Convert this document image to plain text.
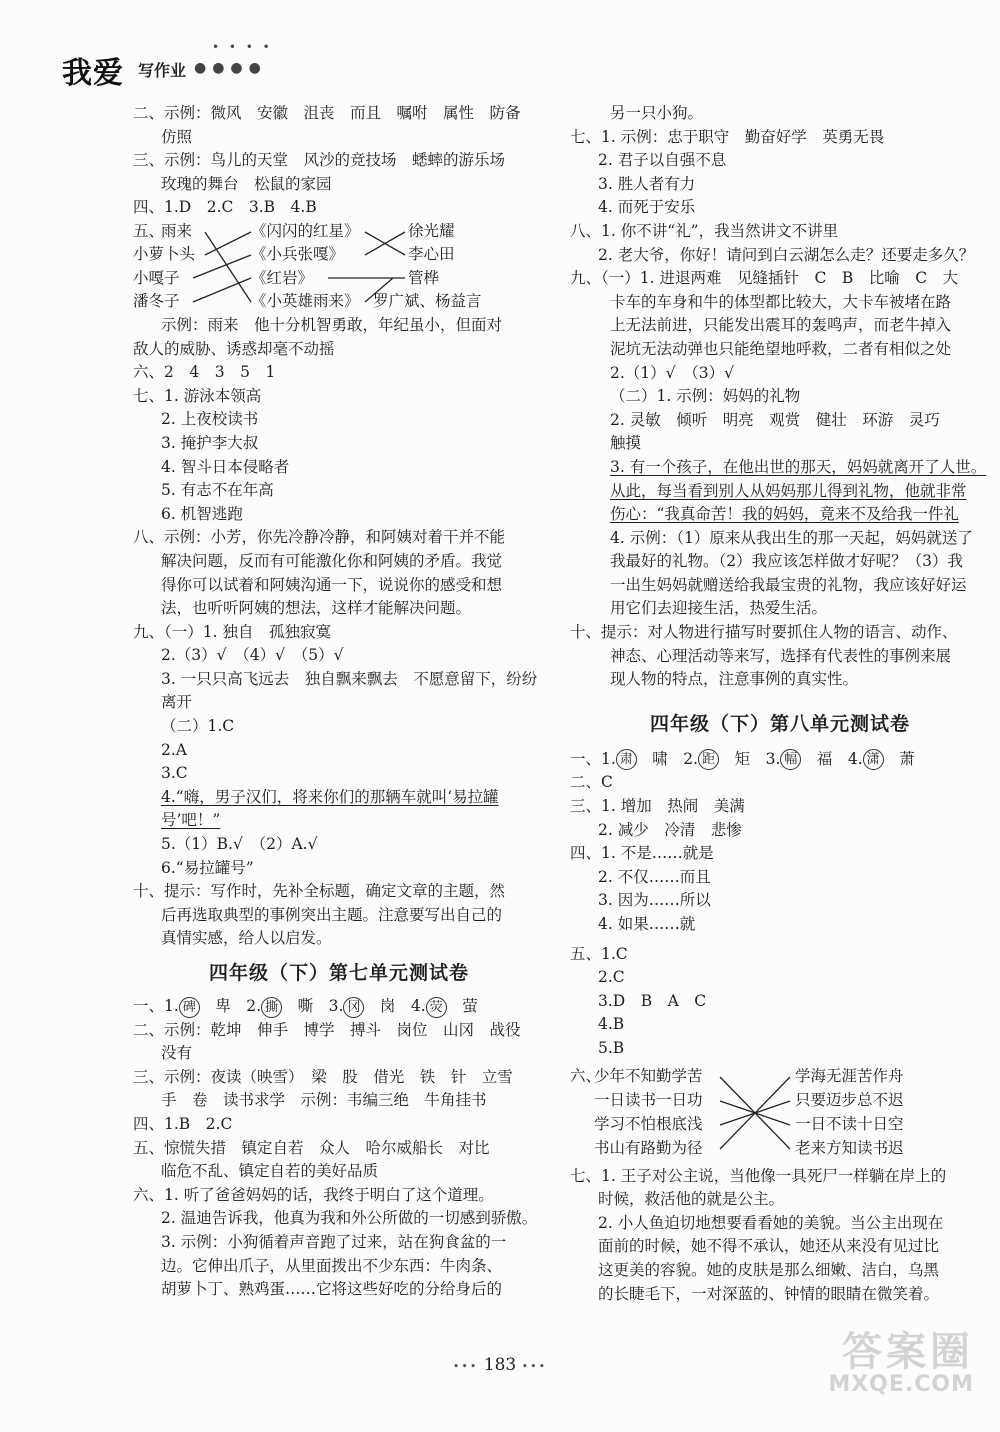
• • • •
我爱 写作业 ●●●●
二、示例：微风　安徽　沮丧　而且　嘱咐　属性　防备
仿照
三、示例：鸟儿的天堂　风沙的竞技场　蟋蟀的游乐场
玫瑰的舞台　松鼠的家园
四、1.D　2.C　3.B　4.B
五、
雨来
小萝卜头
小嘎子
潘冬子
《闪闪的红星》
《小兵张嘎》
《红岩》
《小英雄雨来》
徐光耀
李心田
管桦
罗广斌、杨益言
示例：雨来　他十分机智勇敢，年纪虽小，但面对
敌人的威胁、诱惑却毫不动摇
六、2　4　3　5　1
七、1. 游泳本领高
2. 上夜校读书
3. 掩护李大叔
4. 智斗日本侵略者
5. 有志不在年高
6. 机智逃跑
八、示例：小芳，你先冷静冷静，和阿姨对着干并不能
解决问题，反而有可能激化你和阿姨的矛盾。我觉
得你可以试着和阿姨沟通一下，说说你的感受和想
法，也听听阿姨的想法，这样才能解决问题。
九、（一）1. 独自　孤独寂寞
2.（3）√　（4）√　（5）√
3. 一只只高飞远去　独自飘来飘去　不愿意留下，纷纷
离开
（二）1.C
2.A
3.C
4.“嗨，男子汉们，将来你们的那辆车就叫‘易拉罐
号’吧！”
5.（1）B.√　（2）A.√
6.“易拉罐号”
十、提示：写作时，先补全标题，确定文章的主题，然
后再选取典型的事例突出主题。注意要写出自己的
真情实感，给人以启发。
四年级（下）第七单元测试卷
一、1. 碑　卑　2. 撕　嘶　3. 冈　岗　4. 荧　萤
二、示例：乾坤　伸手　博学　搏斗　岗位　山冈　战役
没有
三、示例：夜读（映雪）　梁　股　借光　铁　针　立雪
手　卷　读书求学　示例：韦编三绝　牛角挂书
四、1.B　2.C
五、惊慌失措　镇定自若　众人　哈尔威船长　对比
临危不乱、镇定自若的美好品质
六、1. 听了爸爸妈妈的话，我终于明白了这个道理。
2. 温迪告诉我，他真为我和外公所做的一切感到骄傲。
3. 示例：小狗循着声音跑了过来，站在狗食盆的一
边。它伸出爪子，从里面拨出不少东西：牛肉条、
胡萝卜丁、熟鸡蛋……它将这些好吃的分给身后的
另一只小狗。
七、1. 示例：忠于职守　勤奋好学　英勇无畏
2. 君子以自强不息
3. 胜人者有力
4. 而死于安乐
八、1. 你不讲“礼”，我当然讲文不讲里
2. 老大爷，你好！请问到白云湖怎么走？还要走多久？
九、（一）1. 进退两难　见缝插针　C　B　比喻　C　大
卡车的车身和牛的体型都比较大，大卡车被堵在路
上无法前进，只能发出震耳的轰鸣声，而老牛掉入
泥坑无法动弹也只能绝望地呼救，二者有相似之处
2.（1）√　（3）√
（二）1. 示例：妈妈的礼物
2. 灵敏　倾听　明亮　观赏　健壮　环游　灵巧
触摸
3. 有一个孩子，在他出世的那天，妈妈就离开了人世。
从此，每当看到别人从妈妈那儿得到礼物，他就非常
伤心：“我真命苦！我的妈妈，竟来不及给我一件礼
4. 示例：（1）原来从我出生的那一天起，妈妈就送了
我最好的礼物。（2）我应该怎样做才好呢？（3）我
一出生妈妈就赠送给我最宝贵的礼物，我应该好好运
用它们去迎接生活，热爱生活。
十、提示：对人物进行描写时要抓住人物的语言、动作、
神态、心理活动等来写，选择有代表性的事例来展
现人物的特点，注意事例的真实性。
四年级（下）第八单元测试卷
一、1. 肃　啸　2. 距　矩　3. 幅　福　4. 潇　萧
二、C
三、1. 增加　热闹　美满
2. 减少　冷清　悲惨
四、1. 不是……就是
2. 不仅……而且
3. 因为……所以
4. 如果……就
五、1.C
2.C
3.D　B　A　C
4.B
5.B
六、
少年不知勤学苦
一日读书一日功
学习不怕根底浅
书山有路勤为径
学海无涯苦作舟
只要迈步总不迟
一日不读十日空
老来方知读书迟
七、1. 王子对公主说，当他像一具死尸一样躺在岸上的
时候，救活他的就是公主。
2. 小人鱼迫切地想要看看她的美貌。当公主出现在
面前的时候，她不得不承认，她还从来没有见过比
这更美的容貌。她的皮肤是那么细嫩、洁白，乌黑
的长睫毛下，一对深蓝的、钟情的眼睛在微笑着。
••• 183 •••	答案圈
MXQE.COM
